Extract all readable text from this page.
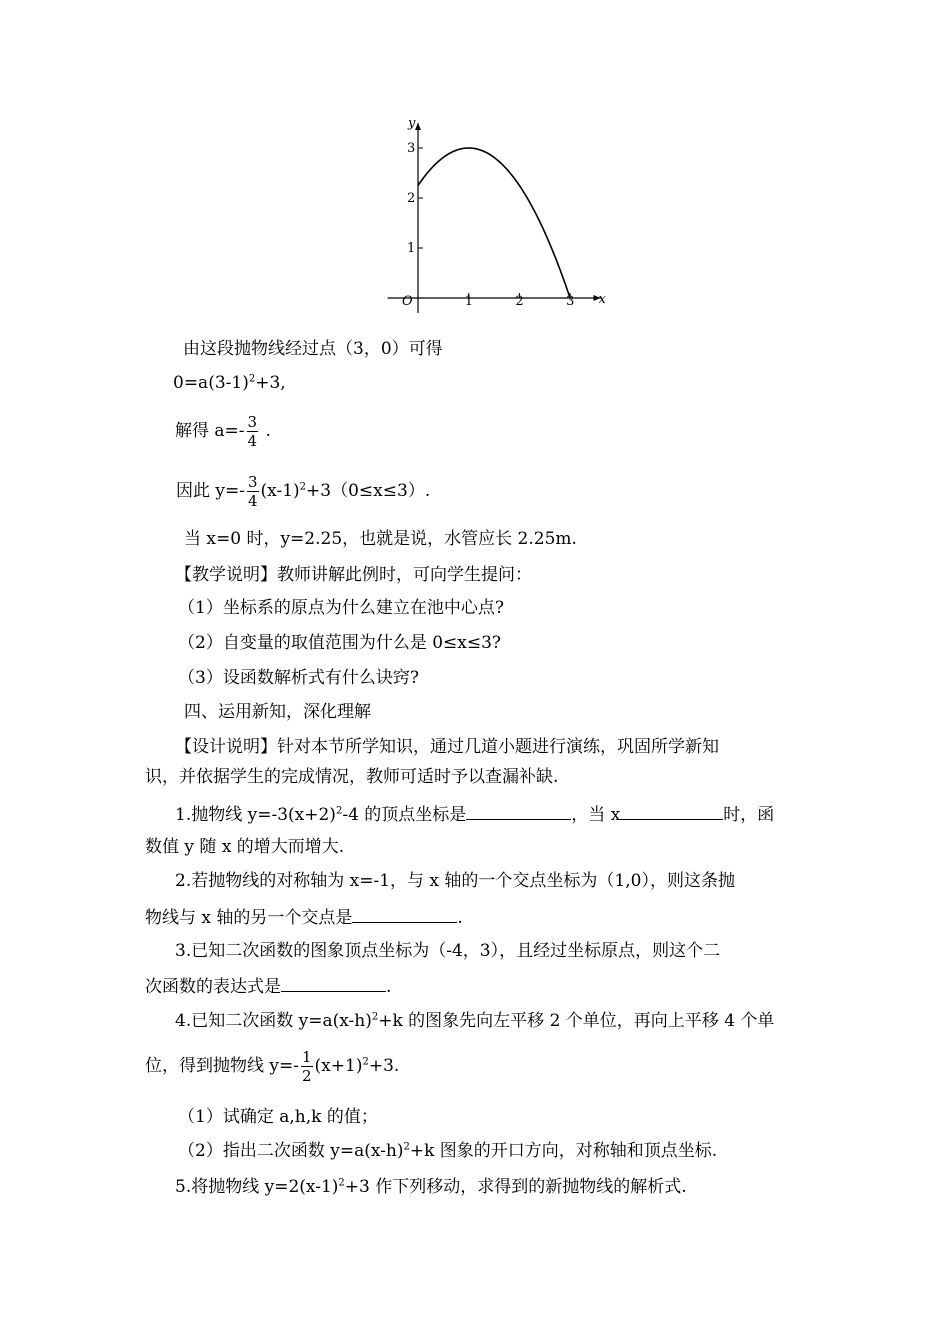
x
y
O	1	2	3
1
2
3
由这段抛物线经过点（3，0）可得
$0=a(3-1)^2+3$,
解得 $a=- \frac{3}{4}$ .
因此 $y=- \frac{3}{4} (x-1)^2+3(0\le x\le 3)$.
当 x=0 时，y=2.25，也就是说，水管应长 2.25m.
【教学说明】教师讲解此例时，可向学生提问：
（1）坐标系的原点为什么建立在池中心点?
（2）自变量的取值范围为什么是 0≤x≤3?
（3）设函数解析式有什么诀窍?
四、运用新知，深化理解
【设计说明】针对本节所学知识，通过几道小题进行演练，巩固所学新知
识，并依据学生的完成情况，教师可适时予以查漏补缺.
1.抛物线 $y=-3(x+2)^2-4$ 的顶点坐标是	，当 x	时，函
数值 y 随 x 的增大而增大.
2.若抛物线的对称轴为 x=-1，与 x 轴的一个交点坐标为（1,0），则这条抛
物线与 x 轴的另一个交点是	.
3.已知二次函数的图象顶点坐标为（-4，3），且经过坐标原点，则这个二
次函数的表达式是	.
4.已知二次函数 $y=a(x-h)^2+k$ 的图象先向左平移 2 个单位，再向上平移 4 个单
位，得到抛物线 $y=- \frac{1}{2} (x+1)^2+3$.
（1）试确定 a,h,k 的值；
（2）指出二次函数 $y=a(x-h)^2+k$ 图象的开口方向，对称轴和顶点坐标.
5.将抛物线 $y=2(x-1)^2+3$ 作下列移动，求得到的新抛物线的解析式.
